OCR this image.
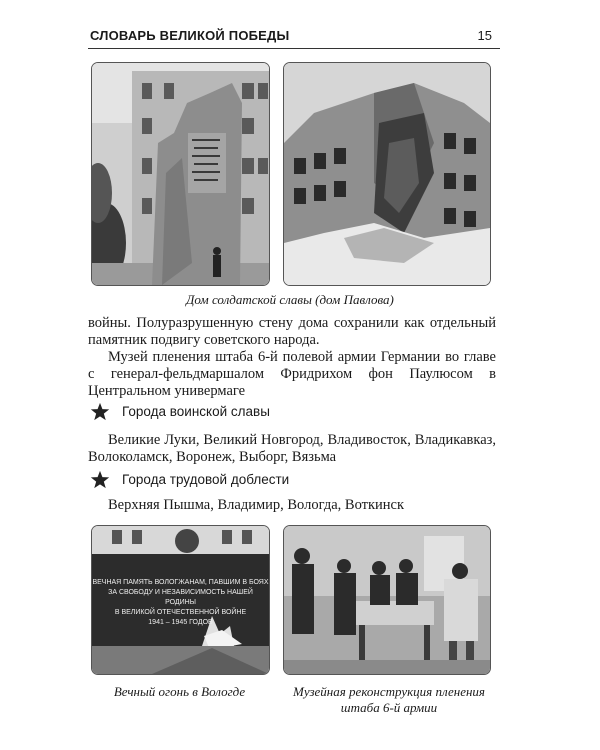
СЛОВАРЬ ВЕЛИКОЙ ПОБЕДЫ	15
Дом солдатской славы (дом Павлова)

войны. Полуразрушенную стену дома сохранили как отдельный памятник подвигу советского народа.

Музей пленения штаба 6-й полевой армии Германии во главе с генерал-фельдмаршалом Фридрихом фон Паулюсом в Центральном универмаге

Города воинской славы

Великие Луки, Великий Новгород, Владивосток, Владикавказ, Волоколамск, Воронеж, Выборг, Вязьма

Города трудовой доблести

Верхняя Пышма, Владимир, Вологда, Воткинск

ВЕЧНАЯ ПАМЯТЬ ВОЛОГЖАНАМ, ПАВШИМ В БОЯХ
ЗА СВОБОДУ И НЕЗАВИСИМОСТЬ НАШЕЙ РОДИНЫ
В ВЕЛИКОЙ ОТЕЧЕСТВЕННОЙ ВОЙНЕ
1941 – 1945 ГОДОВ
Вечный огонь в Вологде	Музейная реконструкция пленения штаба 6-й армии
